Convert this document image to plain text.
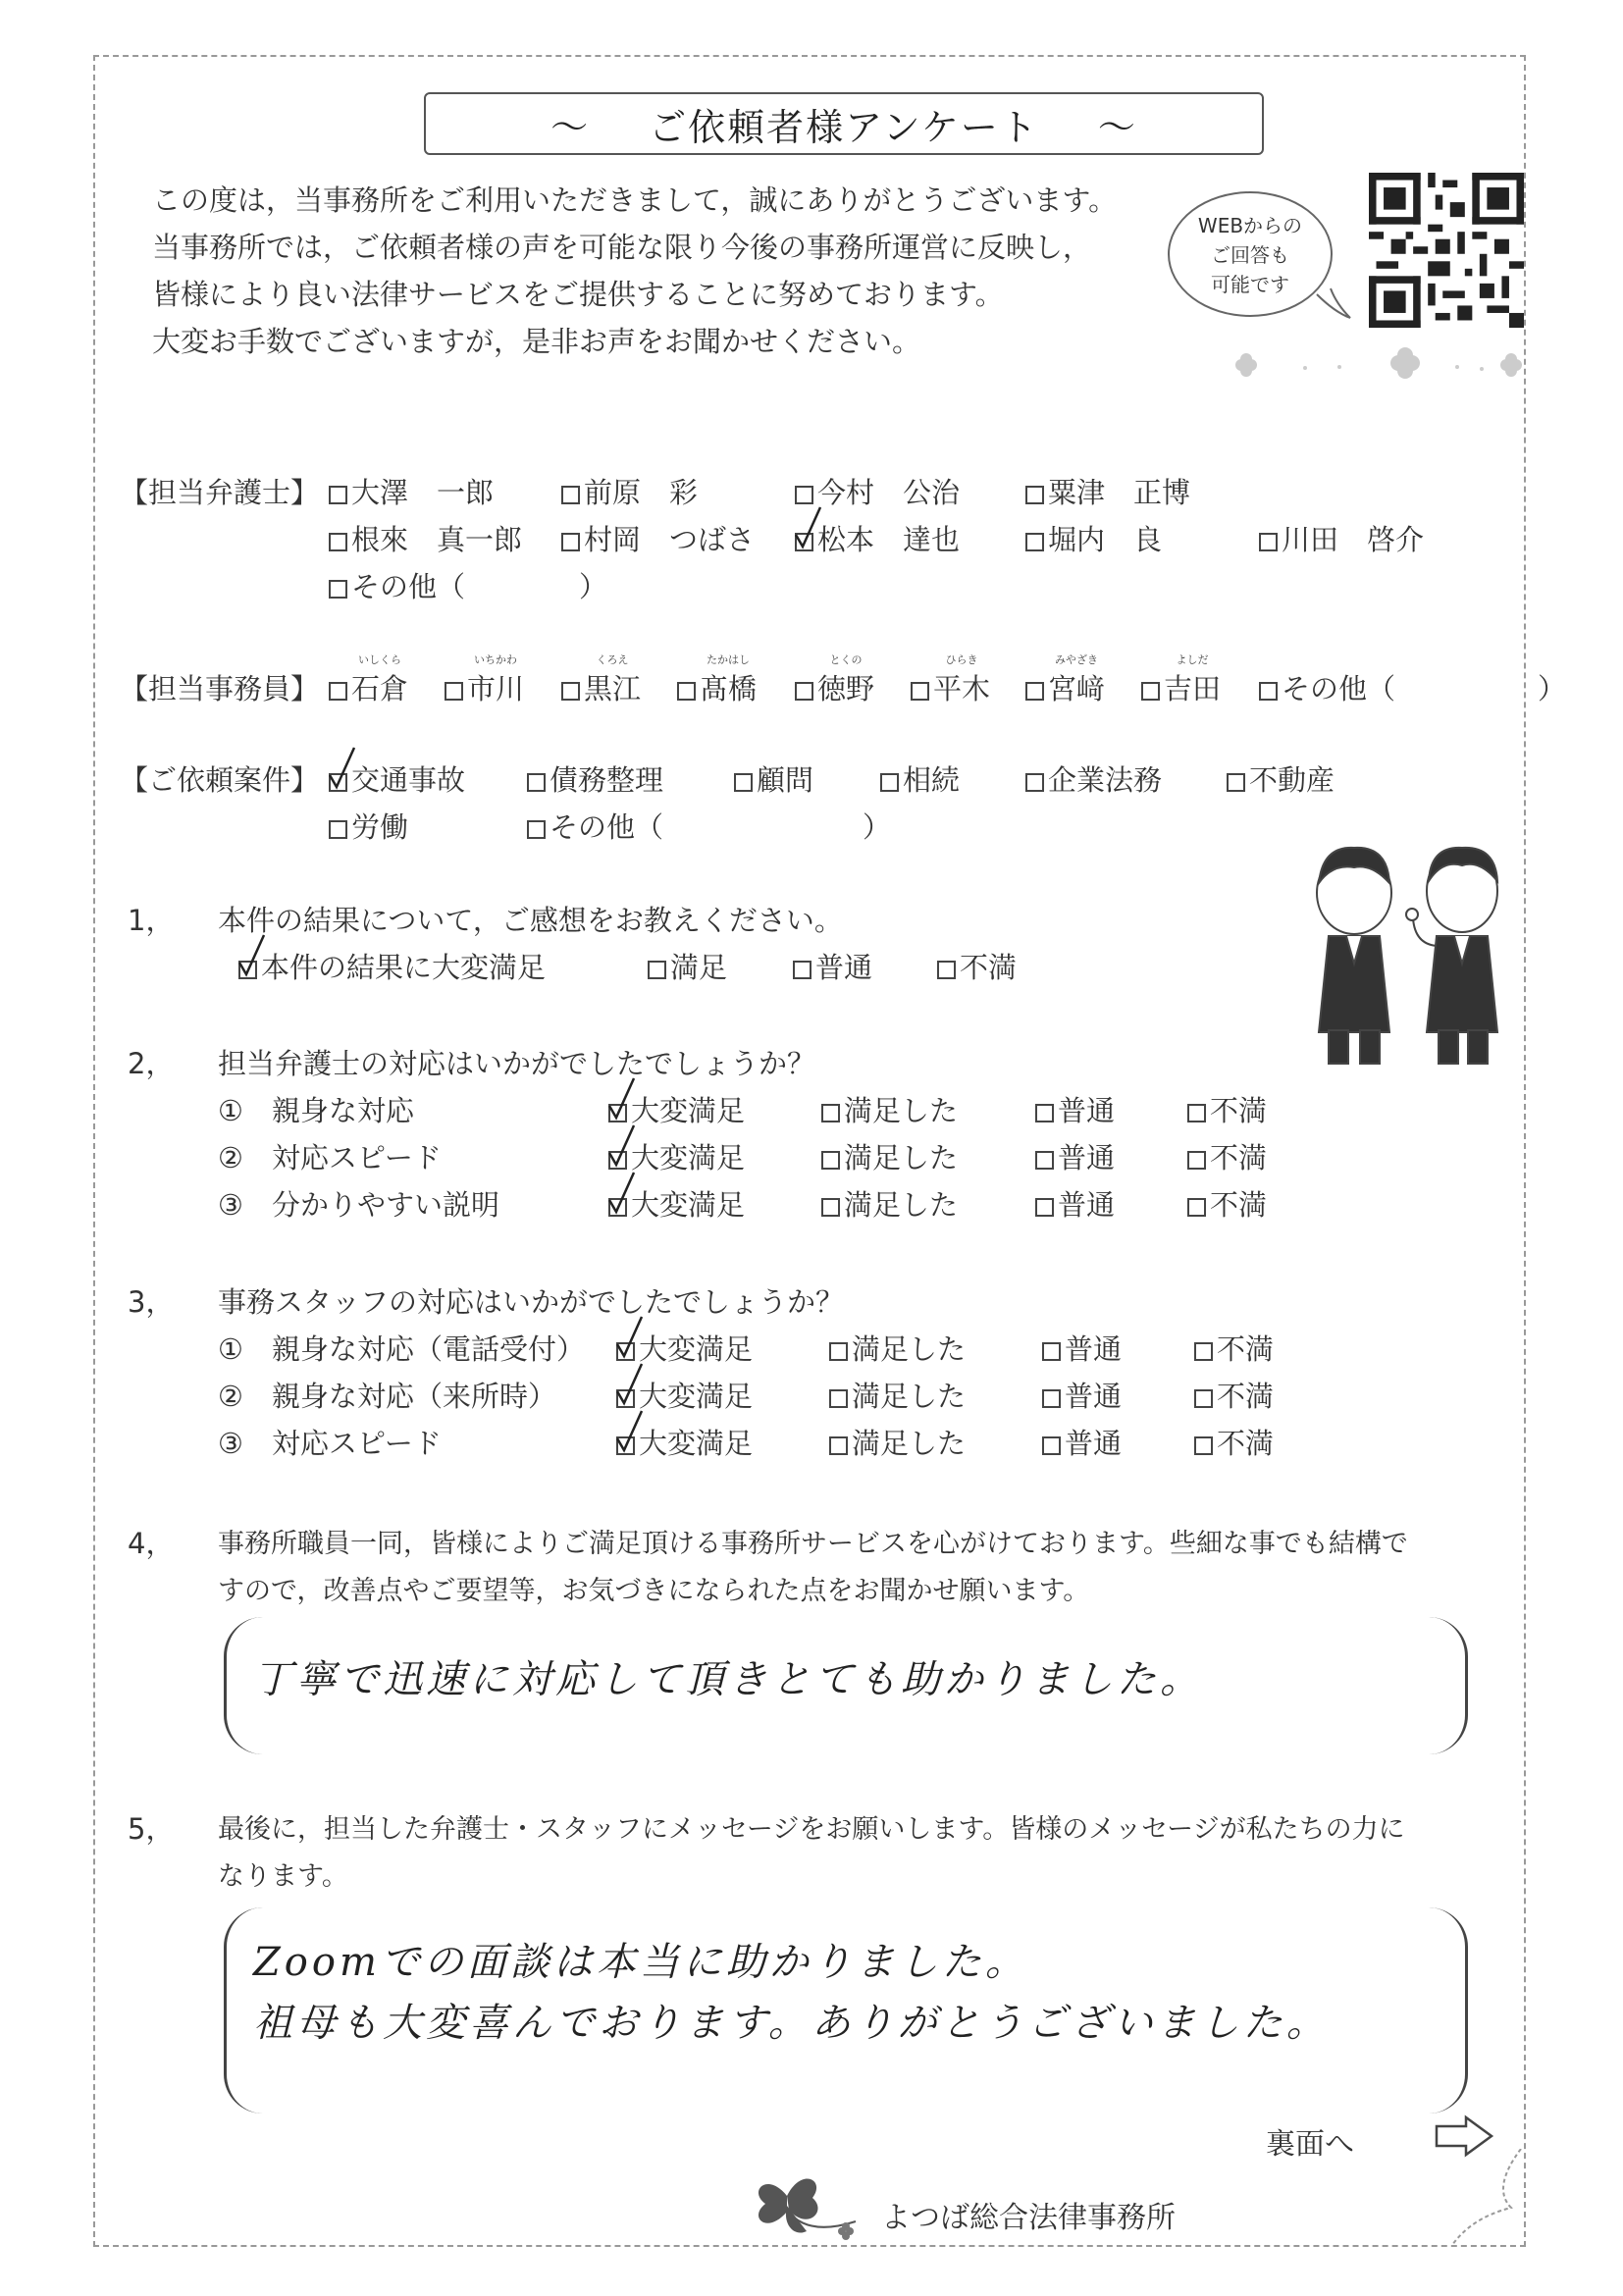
～ ご依頼者様アンケート ～
この度は，当事務所をご利用いただきまして，誠にありがとうございます。
当事務所では，ご依頼者様の声を可能な限り今後の事務所運営に反映し，
皆様により良い法律サービスをご提供することに努めております。
大変お手数でございますが，是非お声をお聞かせください。
WEBからの
ご回答も
可能です
【担当弁護士】	大澤　一郎	前原　彩	今村　公治	粟津　正博
根來　真一郎	村岡　つばさ	松本　達也	堀内　良	川田　啓介
その他（　　　　）
【担当事務員】
いしくら
石倉
いちかわ
市川
くろえ
黒江
たかはし
髙橋
とくの
徳野
ひらき
平木
みやざき
宮﨑
よしだ
吉田	その他（　　　　　）
【ご依頼案件】	交通事故	債務整理	顧問	相続	企業法務	不動産
労働	その他（　　　　　　　）
1， 本件の結果について，ご感想をお教えください。
本件の結果に大変満足	満足	普通	不満
2， 担当弁護士の対応はいかがでしたでしょうか？
①　親身な対応	大変満足	満足した	普通	不満
②　対応スピード	大変満足	満足した	普通	不満
③　分かりやすい説明	大変満足	満足した	普通	不満
3， 事務スタッフの対応はいかがでしたでしょうか？
①　親身な対応（電話受付）	大変満足	満足した	普通	不満
②　親身な対応（来所時）	大変満足	満足した	普通	不満
③　対応スピード	大変満足	満足した	普通	不満
4， 事務所職員一同，皆様によりご満足頂ける事務所サービスを心がけております。些細な事でも結構で
すので，改善点やご要望等，お気づきになられた点をお聞かせ願います。
丁寧で迅速に対応して頂きとても助かりました。
5， 最後に，担当した弁護士・スタッフにメッセージをお願いします。皆様のメッセージが私たちの力に
なります。
Zoomでの面談は本当に助かりました。
祖母も大変喜んでおります。ありがとうございました。
裏面へ
よつば総合法律事務所
